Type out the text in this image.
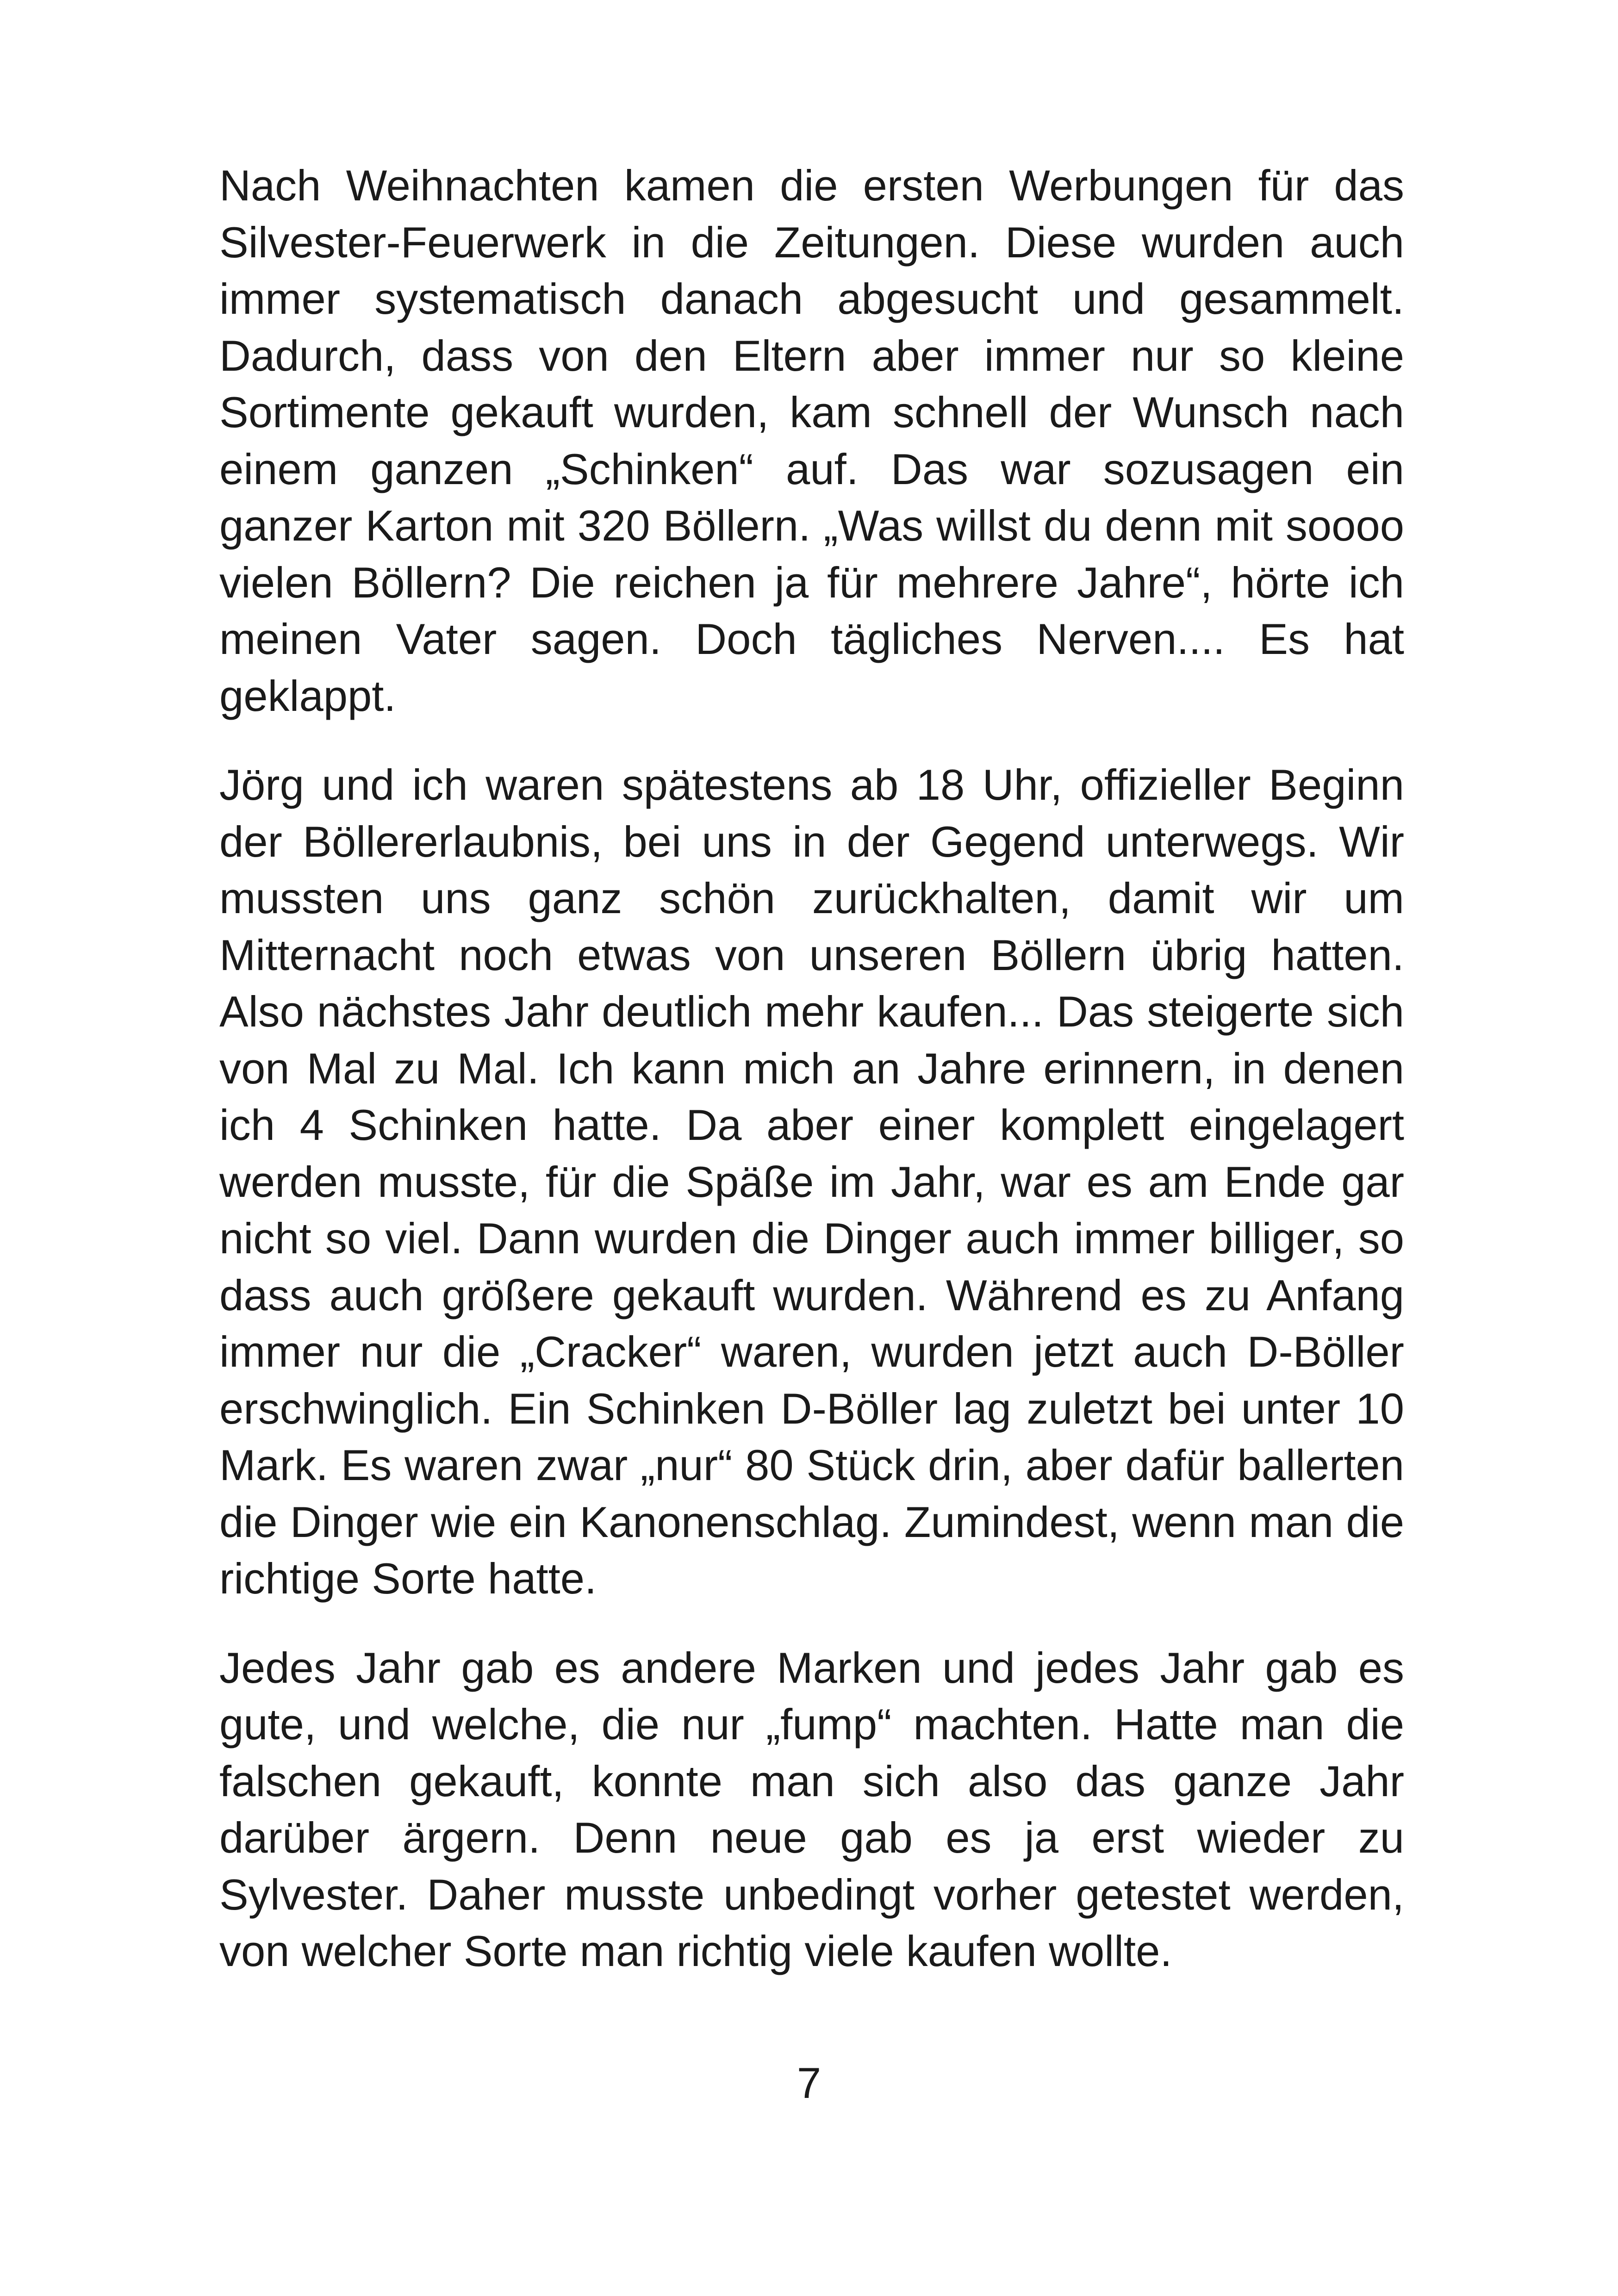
Nach Weihnachten kamen die ersten Werbungen für das Silvester-Feuerwerk in die Zeitungen. Diese wurden auch immer systematisch danach abgesucht und gesammelt. Dadurch, dass von den Eltern aber immer nur so kleine Sortimente gekauft wurden, kam schnell der Wunsch nach einem ganzen „Schinken“ auf. Das war sozusagen ein ganzer Karton mit 320 Böllern. „Was willst du denn mit soooo vielen Böllern? Die reichen ja für mehrere Jahre“, hörte ich meinen Vater sagen. Doch tägliches Nerven.... Es hat geklappt.

Jörg und ich waren spätestens ab 18 Uhr, offizieller Beginn der Böllererlaubnis, bei uns in der Gegend unterwegs. Wir mussten uns ganz schön zurückhalten, damit wir um Mitternacht noch etwas von unseren Böllern übrig hatten. Also nächstes Jahr deutlich mehr kaufen... Das steigerte sich von Mal zu Mal. Ich kann mich an Jahre erinnern, in denen ich 4 Schinken hatte. Da aber einer komplett eingelagert werden musste, für die Späße im Jahr, war es am Ende gar nicht so viel. Dann wurden die Dinger auch immer billiger, so dass auch größere gekauft wurden. Während es zu Anfang immer nur die „Cracker“ waren, wurden jetzt auch D-Böller erschwinglich. Ein Schinken D-Böller lag zuletzt bei unter 10 Mark. Es waren zwar „nur“ 80 Stück drin, aber dafür ballerten die Dinger wie ein Kanonenschlag. Zumindest, wenn man die richtige Sorte hatte.

Jedes Jahr gab es andere Marken und jedes Jahr gab es gute, und welche, die nur „fump“ machten. Hatte man die falschen gekauft, konnte man sich also das ganze Jahr darüber ärgern. Denn neue gab es ja erst wieder zu Sylvester. Daher musste unbedingt vorher getestet werden, von welcher Sorte man richtig viele kaufen wollte.

7
